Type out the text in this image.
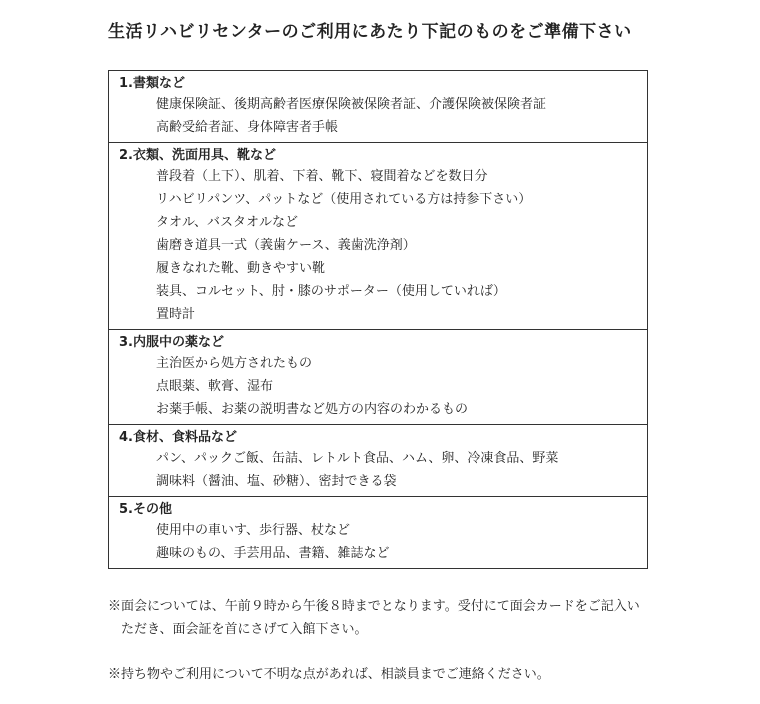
生活リハビリセンターのご利用にあたり下記のものをご準備下さい
1.書類など
健康保険証、後期高齢者医療保険被保険者証、介護保険被保険者証
高齢受給者証、身体障害者手帳
2.衣類、洗面用具、靴など
普段着（上下）、肌着、下着、靴下、寝間着などを数日分
リハビリパンツ、パットなど（使用されている方は持参下さい）
タオル、バスタオルなど
歯磨き道具一式（義歯ケース、義歯洗浄剤）
履きなれた靴、動きやすい靴
装具、コルセット、肘・膝のサポーター（使用していれば）
置時計
3.内服中の薬など
主治医から処方されたもの
点眼薬、軟膏、湿布
お薬手帳、お薬の説明書など処方の内容のわかるもの
4.食材、食料品など
パン、パックご飯、缶詰、レトルト食品、ハム、卵、冷凍食品、野菜
調味料（醤油、塩、砂糖）、密封できる袋
5.その他
使用中の車いす、歩行器、杖など
趣味のもの、手芸用品、書籍、雑誌など
※面会については、午前９時から午後８時までとなります。受付にて面会カードをご記入い
ただき、面会証を首にさげて入館下さい。
※持ち物やご利用について不明な点があれば、相談員までご連絡ください。
